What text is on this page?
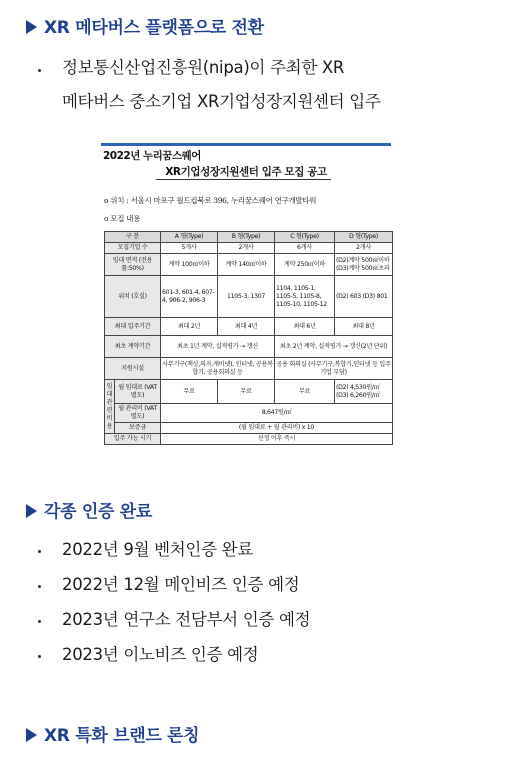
XR 메타버스 플랫폼으로 전환
정보통신산업진흥원(nipa)이 주최한 XR
메타버스 중소기업 XR기업성장지원센터 입주
2022년 누리꿈스퀘어
XR기업성장지원센터 입주 모집 공고
o 위치 : 서울시 마포구 월드컵북로 396, 누리꿈스퀘어 연구개발타워
o 모집 내용
구 분		A 형(Type)	B 형(Type)	C 형(Type)	D 형(Type)
모집기업 수		5개사	2개사	6개사	2개사
임대 면적 (전용률:50%)		계약 100㎡이하	계약 140㎡이하	계약 250㎡이하	(D2)계약 500㎡이하 (D3)계약 500㎡초과
위치 (호실)		601-3, 601-4, 607-4, 906-2, 906-3	1105-3, 1307	1104, 1105-1, 1105-5, 1105-8, 1105-10, 1105-12	(D2) 603 (D3) 801
최대 입주기간		최대 2년	최대 4년	최대 6년	최대 8년
최초 계약기간		최초 1년 계약, 실적평가 → 갱신		최초 2년 계약, 실적평가 → 갱신(2년 단위)	
지원시설		사무기구(책상,의자,캐비넷), 인터넷, 공용복합기, 공용회의실 등		공용 회의실 (사무기구,복합기,인터넷 등 입주기업 부담)	
임대 관련 비용	월 임대료 (VAT별도)	무료	무료	무료	(D2) 4,530원/㎡ (D3) 6,260원/㎡
	월 관리비 (VAT별도)	8,647원/㎡			
	보증금	(월 임대료 + 월 관리비) x 10			
입주 가능 시기		선정 이후 즉시			
각종 인증 완료
2022년 9월 벤처인증 완료
2022년 12월 메인비즈 인증 예정
2023년 연구소 전담부서 인증 예정
2023년 이노비즈 인증 예정
XR 특화 브랜드 론칭
